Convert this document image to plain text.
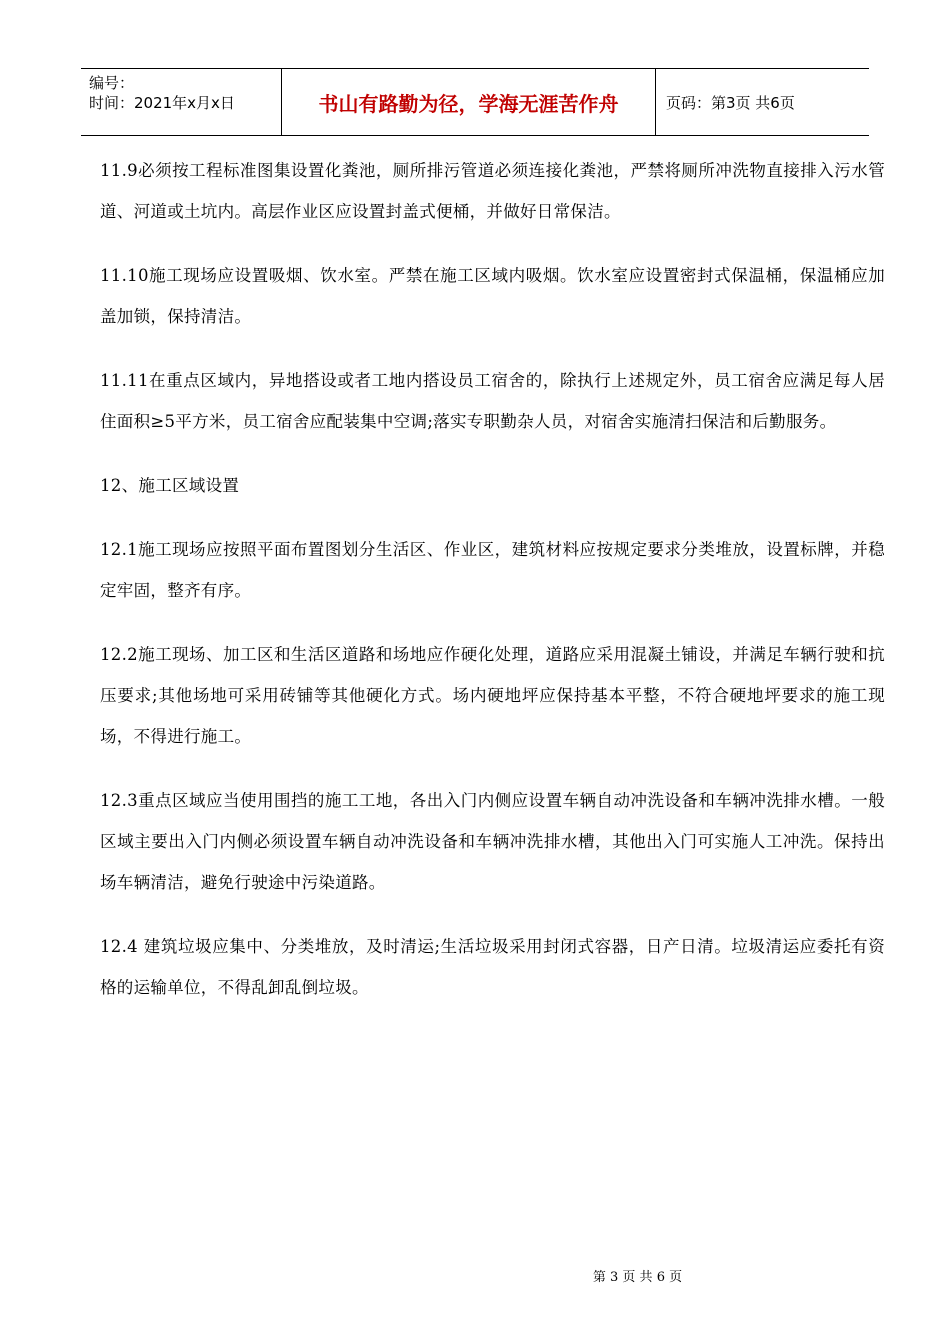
编号：
时间：2021年x月x日	书山有路勤为径，学海无涯苦作舟	页码：第3页 共6页

11.9必须按工程标准图集设置化粪池，厕所排污管道必须连接化粪池，严禁将厕所冲洗物直接排入污水管道、河道或土坑内。高层作业区应设置封盖式便桶，并做好日常保洁。

11.10施工现场应设置吸烟、饮水室。严禁在施工区域内吸烟。饮水室应设置密封式保温桶，保温桶应加盖加锁，保持清洁。

11.11在重点区域内，异地搭设或者工地内搭设员工宿舍的，除执行上述规定外，员工宿舍应满足每人居住面积≥5平方米，员工宿舍应配装集中空调;落实专职勤杂人员，对宿舍实施清扫保洁和后勤服务。

12、施工区域设置

12.1施工现场应按照平面布置图划分生活区、作业区，建筑材料应按规定要求分类堆放，设置标牌，并稳定牢固，整齐有序。

12.2施工现场、加工区和生活区道路和场地应作硬化处理，道路应采用混凝土铺设，并满足车辆行驶和抗压要求;其他场地可采用砖铺等其他硬化方式。场内硬地坪应保持基本平整，不符合硬地坪要求的施工现场，不得进行施工。

12.3重点区域应当使用围挡的施工工地，各出入门内侧应设置车辆自动冲洗设备和车辆冲洗排水槽。一般区域主要出入门内侧必须设置车辆自动冲洗设备和车辆冲洗排水槽，其他出入门可实施人工冲洗。保持出场车辆清洁，避免行驶途中污染道路。

12.4 建筑垃圾应集中、分类堆放，及时清运;生活垃圾采用封闭式容器，日产日清。垃圾清运应委托有资格的运输单位，不得乱卸乱倒垃圾。

第 3 页 共 6 页
